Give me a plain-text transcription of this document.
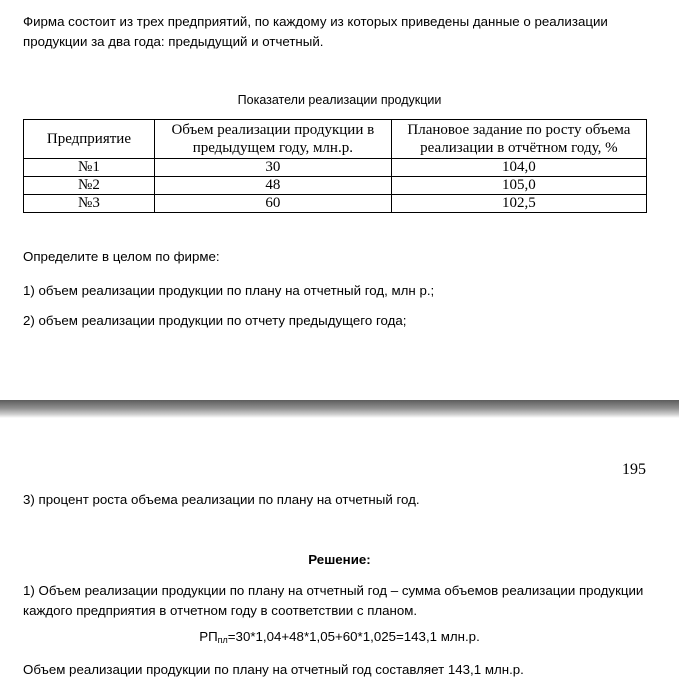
Фирма состоит из трех предприятий, по каждому из которых приведены данные о реализации продукции за два года: предыдущий и отчетный.

Показатели реализации продукции
Предприятие	Объем реализации продукции в предыдущем году, млн.р.	Плановое задание по росту объема реализации в отчётном году, %
№1	30	104,0
№2	48	105,0
№3	60	102,5

Определите в целом по фирме:

1) объем реализации продукции по плану на отчетный год, млн р.;

2) объем реализации продукции по отчету предыдущего года;

195

3) процент роста объема реализации по плану на отчетный год.

Решение:

1) Объем реализации продукции по плану на отчетный год – сумма объемов реализации продукции каждого предприятия в отчетном году в соответствии с планом.

$РП_{пл}=30*1,04+48*1,05+60*1,025=143,1$ млн.р.

Объем реализации продукции по плану на отчетный год составляет 143,1 млн.р.
